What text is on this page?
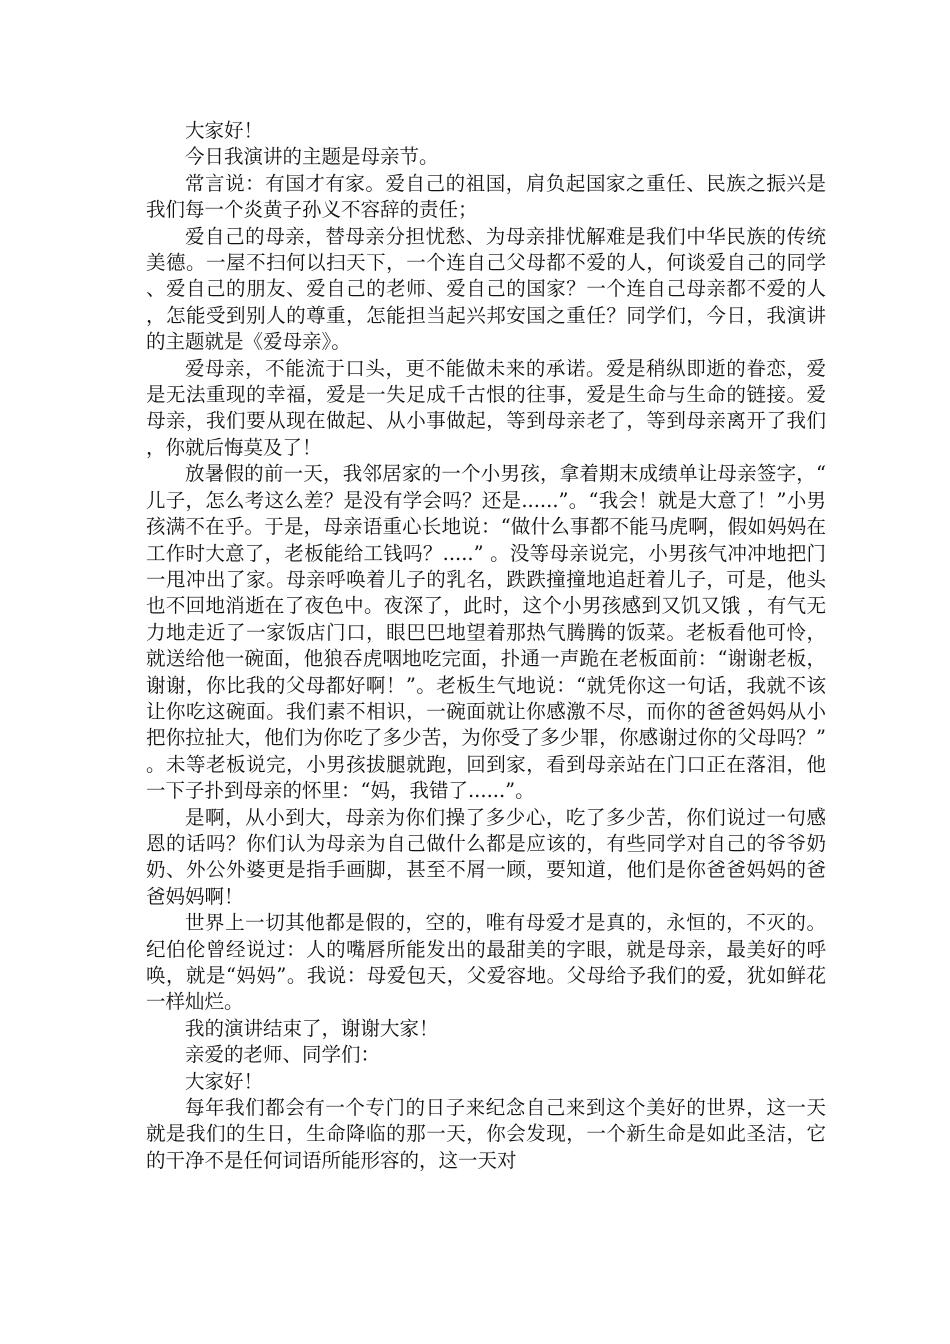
大家好！

今日我演讲的主题是母亲节。

常言说：有国才有家。爱自己的祖国，肩负起国家之重任、民族之振兴是我们每一个炎黄子孙义不容辞的责任；

爱自己的母亲，替母亲分担忧愁、为母亲排忧解难是我们中华民族的传统美德。一屋不扫何以扫天下，一个连自己父母都不爱的人，何谈爱自己的同学、爱自己的朋友、爱自己的老师、爱自己的国家？一个连自己母亲都不爱的人，怎能受到别人的尊重，怎能担当起兴邦安国之重任？同学们，今日，我演讲的主题就是《爱母亲》。

爱母亲，不能流于口头，更不能做未来的承诺。爱是稍纵即逝的眷恋，爱是无法重现的幸福，爱是一失足成千古恨的往事，爱是生命与生命的链接。爱母亲，我们要从现在做起、从小事做起，等到母亲老了，等到母亲离开了我们，你就后悔莫及了！

放暑假的前一天，我邻居家的一个小男孩，拿着期末成绩单让母亲签字，“儿子，怎么考这么差？是没有学会吗？还是......”。“我会！就是大意了！”小男孩满不在乎。于是，母亲语重心长地说：“做什么事都不能马虎啊，假如妈妈在工作时大意了，老板能给工钱吗？.....” 。没等母亲说完，小男孩气冲冲地把门一甩冲出了家。母亲呼唤着儿子的乳名，跌跌撞撞地追赶着儿子，可是，他头也不回地消逝在了夜色中。夜深了，此时，这个小男孩感到又饥又饿 ，有气无力地走近了一家饭店门口，眼巴巴地望着那热气腾腾的饭菜。老板看他可怜，就送给他一碗面，他狼吞虎咽地吃完面，扑通一声跪在老板面前：“谢谢老板，谢谢，你比我的父母都好啊！”。老板生气地说：“就凭你这一句话，我就不该让你吃这碗面。我们素不相识，一碗面就让你感激不尽，而你的爸爸妈妈从小把你拉扯大，他们为你吃了多少苦，为你受了多少罪，你感谢过你的父母吗？”。未等老板说完，小男孩拔腿就跑，回到家，看到母亲站在门口正在落泪，他一下子扑到母亲的怀里：“妈，我错了......”。

是啊，从小到大，母亲为你们操了多少心，吃了多少苦，你们说过一句感恩的话吗？你们认为母亲为自己做什么都是应该的，有些同学对自己的爷爷奶奶、外公外婆更是指手画脚，甚至不屑一顾，要知道，他们是你爸爸妈妈的爸爸妈妈啊！

世界上一切其他都是假的，空的，唯有母爱才是真的，永恒的，不灭的。纪伯伦曾经说过：人的嘴唇所能发出的最甜美的字眼，就是母亲，最美好的呼唤，就是“妈妈”。我说：母爱包天，父爱容地。父母给予我们的爱，犹如鲜花一样灿烂。

我的演讲结束了，谢谢大家！

亲爱的老师、同学们：

大家好！

每年我们都会有一个专门的日子来纪念自己来到这个美好的世界，这一天就是我们的生日，生命降临的那一天，你会发现，一个新生命是如此圣洁，它的干净不是任何词语所能形容的，这一天对
